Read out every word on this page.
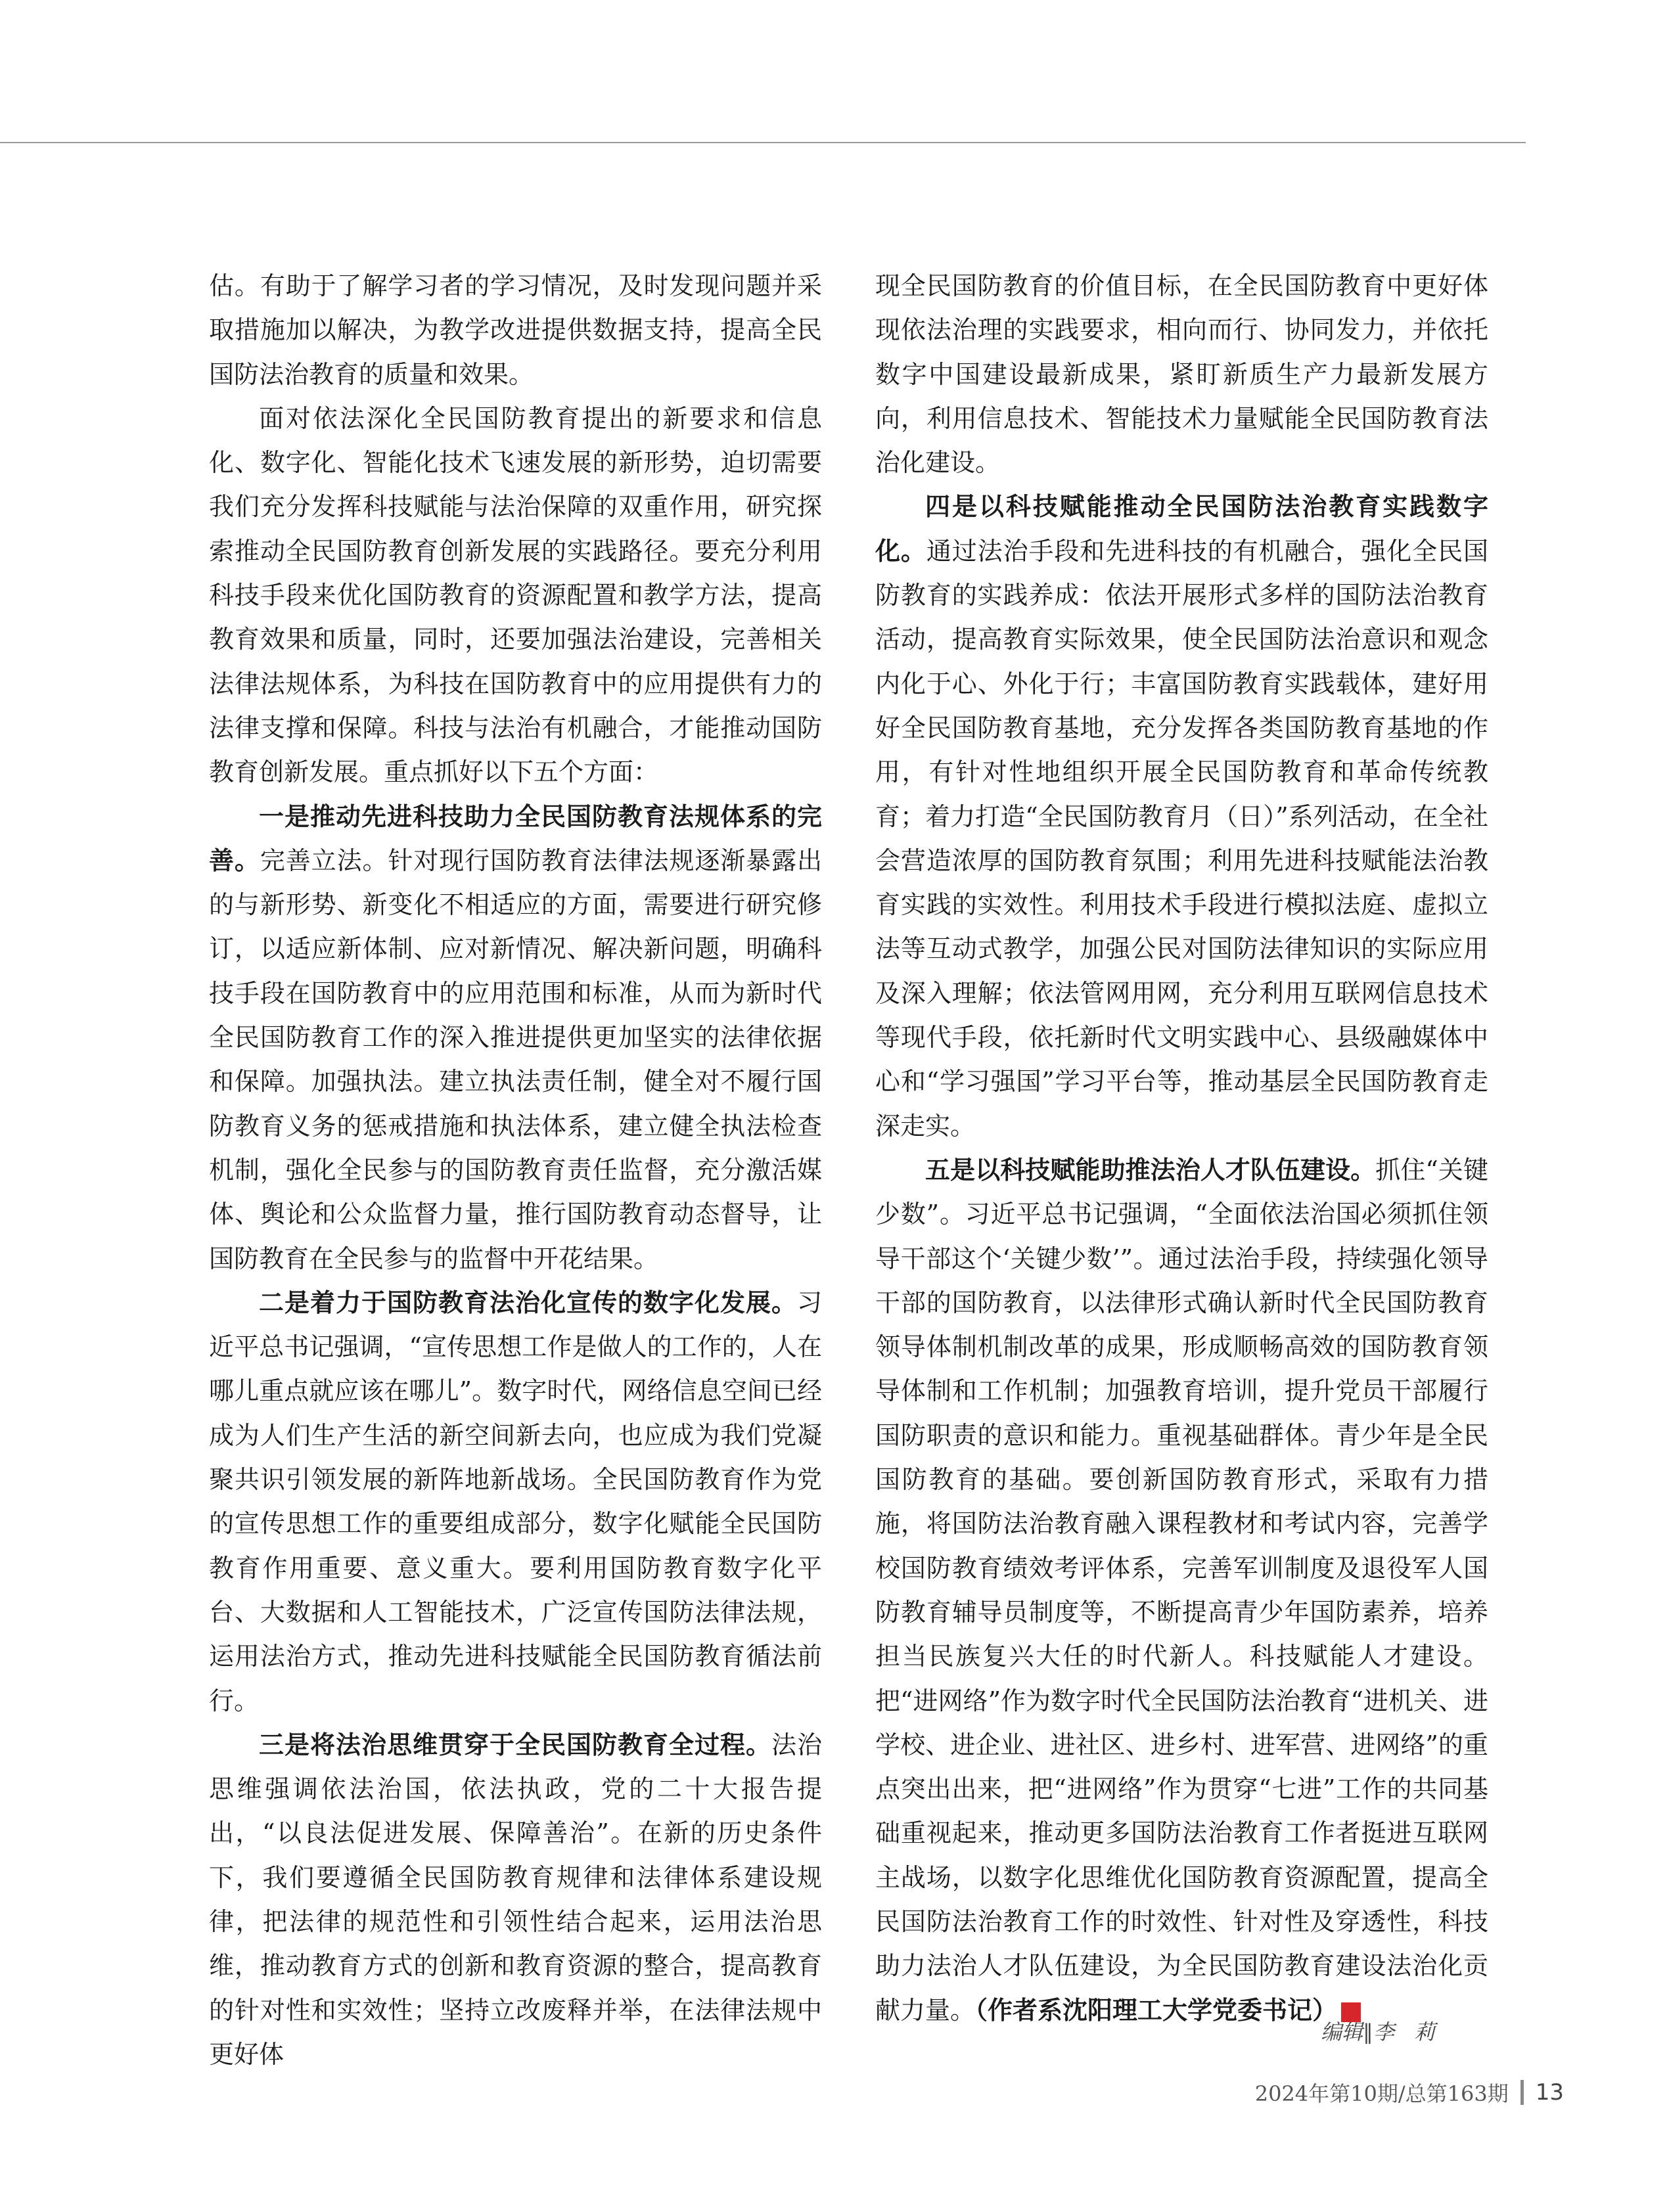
估。有助于了解学习者的学习情况，及时发现问题并采取措施加以解决，为教学改进提供数据支持，提高全民国防法治教育的质量和效果。

面对依法深化全民国防教育提出的新要求和信息化、数字化、智能化技术飞速发展的新形势，迫切需要我们充分发挥科技赋能与法治保障的双重作用，研究探索推动全民国防教育创新发展的实践路径。要充分利用科技手段来优化国防教育的资源配置和教学方法，提高教育效果和质量，同时，还要加强法治建设，完善相关法律法规体系，为科技在国防教育中的应用提供有力的法律支撑和保障。科技与法治有机融合，才能推动国防教育创新发展。重点抓好以下五个方面：

一是推动先进科技助力全民国防教育法规体系的完善。完善立法。针对现行国防教育法律法规逐渐暴露出的与新形势、新变化不相适应的方面，需要进行研究修订，以适应新体制、应对新情况、解决新问题，明确科技手段在国防教育中的应用范围和标准，从而为新时代全民国防教育工作的深入推进提供更加坚实的法律依据和保障。加强执法。建立执法责任制，健全对不履行国防教育义务的惩戒措施和执法体系，建立健全执法检查机制，强化全民参与的国防教育责任监督，充分激活媒体、舆论和公众监督力量，推行国防教育动态督导，让国防教育在全民参与的监督中开花结果。

二是着力于国防教育法治化宣传的数字化发展。习近平总书记强调，“宣传思想工作是做人的工作的，人在哪儿重点就应该在哪儿”。数字时代，网络信息空间已经成为人们生产生活的新空间新去向，也应成为我们党凝聚共识引领发展的新阵地新战场。全民国防教育作为党的宣传思想工作的重要组成部分，数字化赋能全民国防教育作用重要、意义重大。要利用国防教育数字化平台、大数据和人工智能技术，广泛宣传国防法律法规，运用法治方式，推动先进科技赋能全民国防教育循法前行。

三是将法治思维贯穿于全民国防教育全过程。法治思维强调依法治国，依法执政，党的二十大报告提出，“以良法促进发展、保障善治”。在新的历史条件下，我们要遵循全民国防教育规律和法律体系建设规律，把法律的规范性和引领性结合起来，运用法治思维，推动教育方式的创新和教育资源的整合，提高教育的针对性和实效性；坚持立改废释并举，在法律法规中更好体

现全民国防教育的价值目标，在全民国防教育中更好体现依法治理的实践要求，相向而行、协同发力，并依托数字中国建设最新成果，紧盯新质生产力最新发展方向，利用信息技术、智能技术力量赋能全民国防教育法治化建设。

四是以科技赋能推动全民国防法治教育实践数字化。通过法治手段和先进科技的有机融合，强化全民国防教育的实践养成：依法开展形式多样的国防法治教育活动，提高教育实际效果，使全民国防法治意识和观念内化于心、外化于行；丰富国防教育实践载体，建好用好全民国防教育基地，充分发挥各类国防教育基地的作用，有针对性地组织开展全民国防教育和革命传统教育；着力打造“全民国防教育月（日）”系列活动，在全社会营造浓厚的国防教育氛围；利用先进科技赋能法治教育实践的实效性。利用技术手段进行模拟法庭、虚拟立法等互动式教学，加强公民对国防法律知识的实际应用及深入理解；依法管网用网，充分利用互联网信息技术等现代手段，依托新时代文明实践中心、县级融媒体中心和“学习强国”学习平台等，推动基层全民国防教育走深走实。

五是以科技赋能助推法治人才队伍建设。抓住“关键少数”。习近平总书记强调，“全面依法治国必须抓住领导干部这个‘关键少数’”。通过法治手段，持续强化领导干部的国防教育，以法律形式确认新时代全民国防教育领导体制机制改革的成果，形成顺畅高效的国防教育领导体制和工作机制；加强教育培训，提升党员干部履行国防职责的意识和能力。重视基础群体。青少年是全民国防教育的基础。要创新国防教育形式，采取有力措施，将国防法治教育融入课程教材和考试内容，完善学校国防教育绩效考评体系，完善军训制度及退役军人国防教育辅导员制度等，不断提高青少年国防素养，培养担当民族复兴大任的时代新人。科技赋能人才建设。把“进网络”作为数字时代全民国防法治教育“进机关、进学校、进企业、进社区、进乡村、进军营、进网络”的重点突出出来，把“进网络”作为贯穿“七进”工作的共同基础重视起来，推动更多国防法治教育工作者挺进互联网主战场，以数字化思维优化国防教育资源配置，提高全民国防法治教育工作的时效性、针对性及穿透性，科技助力法治人才队伍建设，为全民国防教育建设法治化贡献力量。（作者系沈阳理工大学党委书记）	G

编辑∥李 莉
2024年第10期/总第163期 13
